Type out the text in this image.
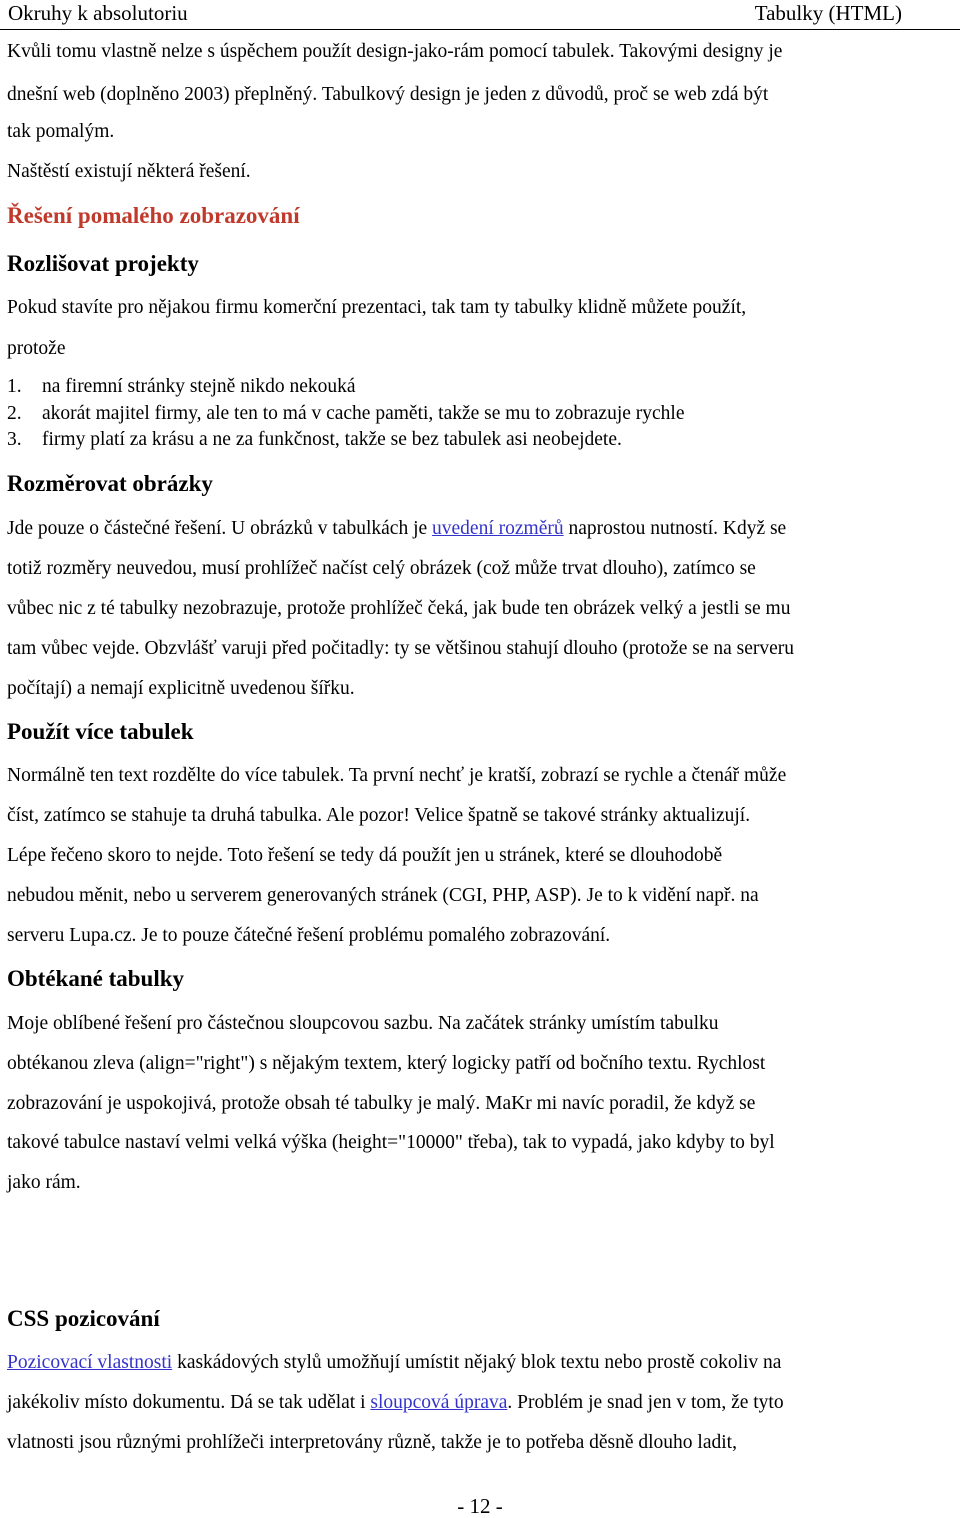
Okruhy k absolutoriu	Tabulky (HTML)
Kvůli tomu vlastně nelze s úspěchem použít design-jako-rám pomocí tabulek. Takovými designy je
dnešní web (doplněno 2003) přeplněný. Tabulkový design je jeden z důvodů, proč se web zdá být
tak pomalým.
Naštěstí existují některá řešení.
Řešení pomalého zobrazování
Rozlišovat projekty
Pokud stavíte pro nějakou firmu komerční prezentaci, tak tam ty tabulky klidně můžete použít,
protože
1. na firemní stránky stejně nikdo nekouká
2. akorát majitel firmy, ale ten to má v cache paměti, takže se mu to zobrazuje rychle
3. firmy platí za krásu a ne za funkčnost, takže se bez tabulek asi neobejdete.
Rozměrovat obrázky
Jde pouze o částečné řešení. U obrázků v tabulkách je uvedení rozměrů naprostou nutností. Když se
totiž rozměry neuvedou, musí prohlížeč načíst celý obrázek (což může trvat dlouho), zatímco se
vůbec nic z té tabulky nezobrazuje, protože prohlížeč čeká, jak bude ten obrázek velký a jestli se mu
tam vůbec vejde. Obzvlášť varuji před počitadly: ty se většinou stahují dlouho (protože se na serveru
počítají) a nemají explicitně uvedenou šířku.
Použít více tabulek
Normálně ten text rozdělte do více tabulek. Ta první nechť je kratší, zobrazí se rychle a čtenář může
číst, zatímco se stahuje ta druhá tabulka. Ale pozor! Velice špatně se takové stránky aktualizují.
Lépe řečeno skoro to nejde. Toto řešení se tedy dá použít jen u stránek, které se dlouhodobě
nebudou měnit, nebo u serverem generovaných stránek (CGI, PHP, ASP). Je to k vidění např. na
serveru Lupa.cz. Je to pouze čátečné řešení problému pomalého zobrazování.
Obtékané tabulky
Moje oblíbené řešení pro částečnou sloupcovou sazbu. Na začátek stránky umístím tabulku
obtékanou zleva (align="right") s nějakým textem, který logicky patří od bočního textu. Rychlost
zobrazování je uspokojivá, protože obsah té tabulky je malý. MaKr mi navíc poradil, že když se
takové tabulce nastaví velmi velká výška (height="10000" třeba), tak to vypadá, jako kdyby to byl
jako rám.
CSS pozicování
Pozicovací vlastnosti kaskádových stylů umožňují umístit nějaký blok textu nebo prostě cokoliv na
jakékoliv místo dokumentu. Dá se tak udělat i sloupcová úprava. Problém je snad jen v tom, že tyto
vlatnosti jsou různými prohlížeči interpretovány různě, takže je to potřeba děsně dlouho ladit,
- 12 -
